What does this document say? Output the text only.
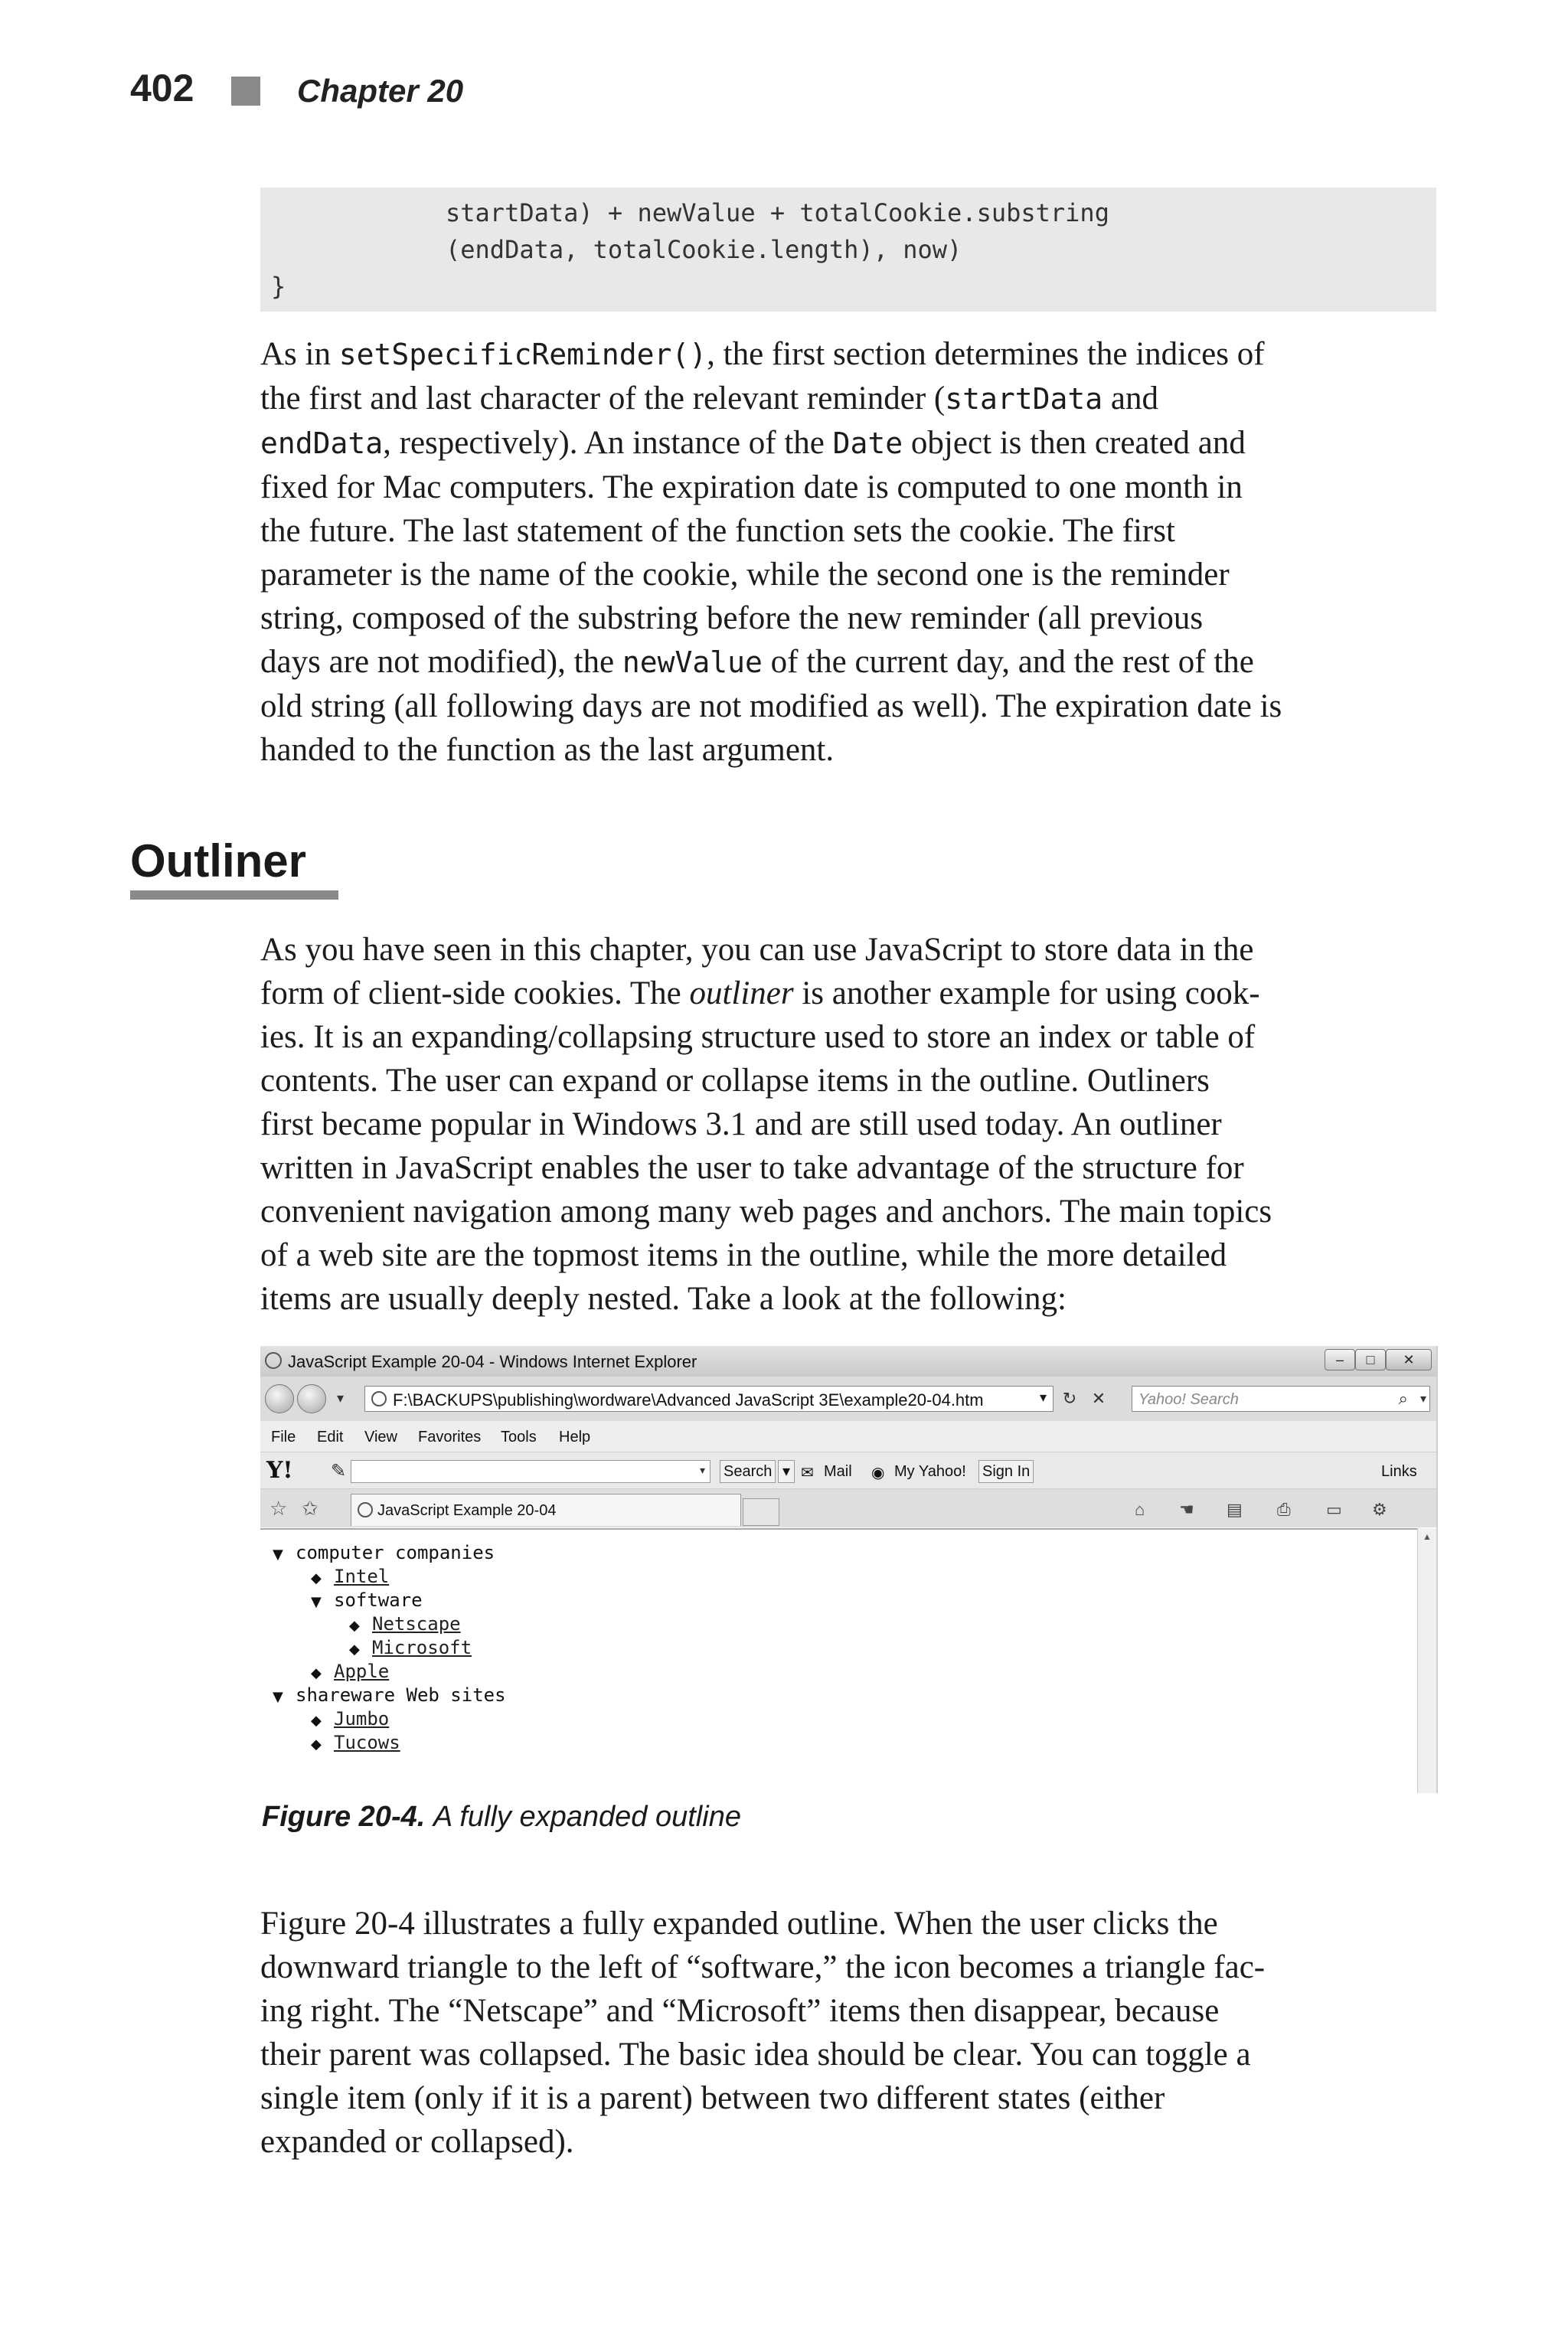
402	Chapter 20
startData) + newValue + totalCookie.substring
(endData, totalCookie.length), now)
}
As in setSpecificReminder(), the first section determines the indices of
the first and last character of the relevant reminder (startData and
endData, respectively). An instance of the Date object is then created and
fixed for Mac computers. The expiration date is computed to one month in
the future. The last statement of the function sets the cookie. The first
parameter is the name of the cookie, while the second one is the reminder
string, composed of the substring before the new reminder (all previous
days are not modified), the newValue of the current day, and the rest of the
old string (all following days are not modified as well). The expiration date is
handed to the function as the last argument.
Outliner
As you have seen in this chapter, you can use JavaScript to store data in the
form of client-side cookies. The outliner is another example for using cook-
ies. It is an expanding/collapsing structure used to store an index or table of
contents. The user can expand or collapse items in the outline. Outliners
first became popular in Windows 3.1 and are still used today. An outliner
written in JavaScript enables the user to take advantage of the structure for
convenient navigation among many web pages and anchors. The main topics
of a web site are the topmost items in the outline, while the more detailed
items are usually deeply nested. Take a look at the following:
JavaScript Example 20-04 - Windows Internet Explorer	–	□	✕
▾	F:\BACKUPS\publishing\wordware\Advanced JavaScript 3E\example20-04.htm	▾ ↻ ✕ Yahoo! Search	⌕ ▾
File Edit View Favorites Tools Help
Y! ✎	▾ Search ▾ ✉ Mail ◉ My Yahoo! Sign In	Links
☆ ✩	JavaScript Example 20-04	⌂ ☚ ▤ ⎙ ▭ ⚙
▼ computer companies
◆ Intel
▼ software
◆ Netscape
◆ Microsoft
◆ Apple
▼ shareware Web sites
◆ Jumbo
◆ Tucows
▲
Figure 20-4. A fully expanded outline
Figure 20-4 illustrates a fully expanded outline. When the user clicks the
downward triangle to the left of “software,” the icon becomes a triangle fac-
ing right. The “Netscape” and “Microsoft” items then disappear, because
their parent was collapsed. The basic idea should be clear. You can toggle a
single item (only if it is a parent) between two different states (either
expanded or collapsed).
